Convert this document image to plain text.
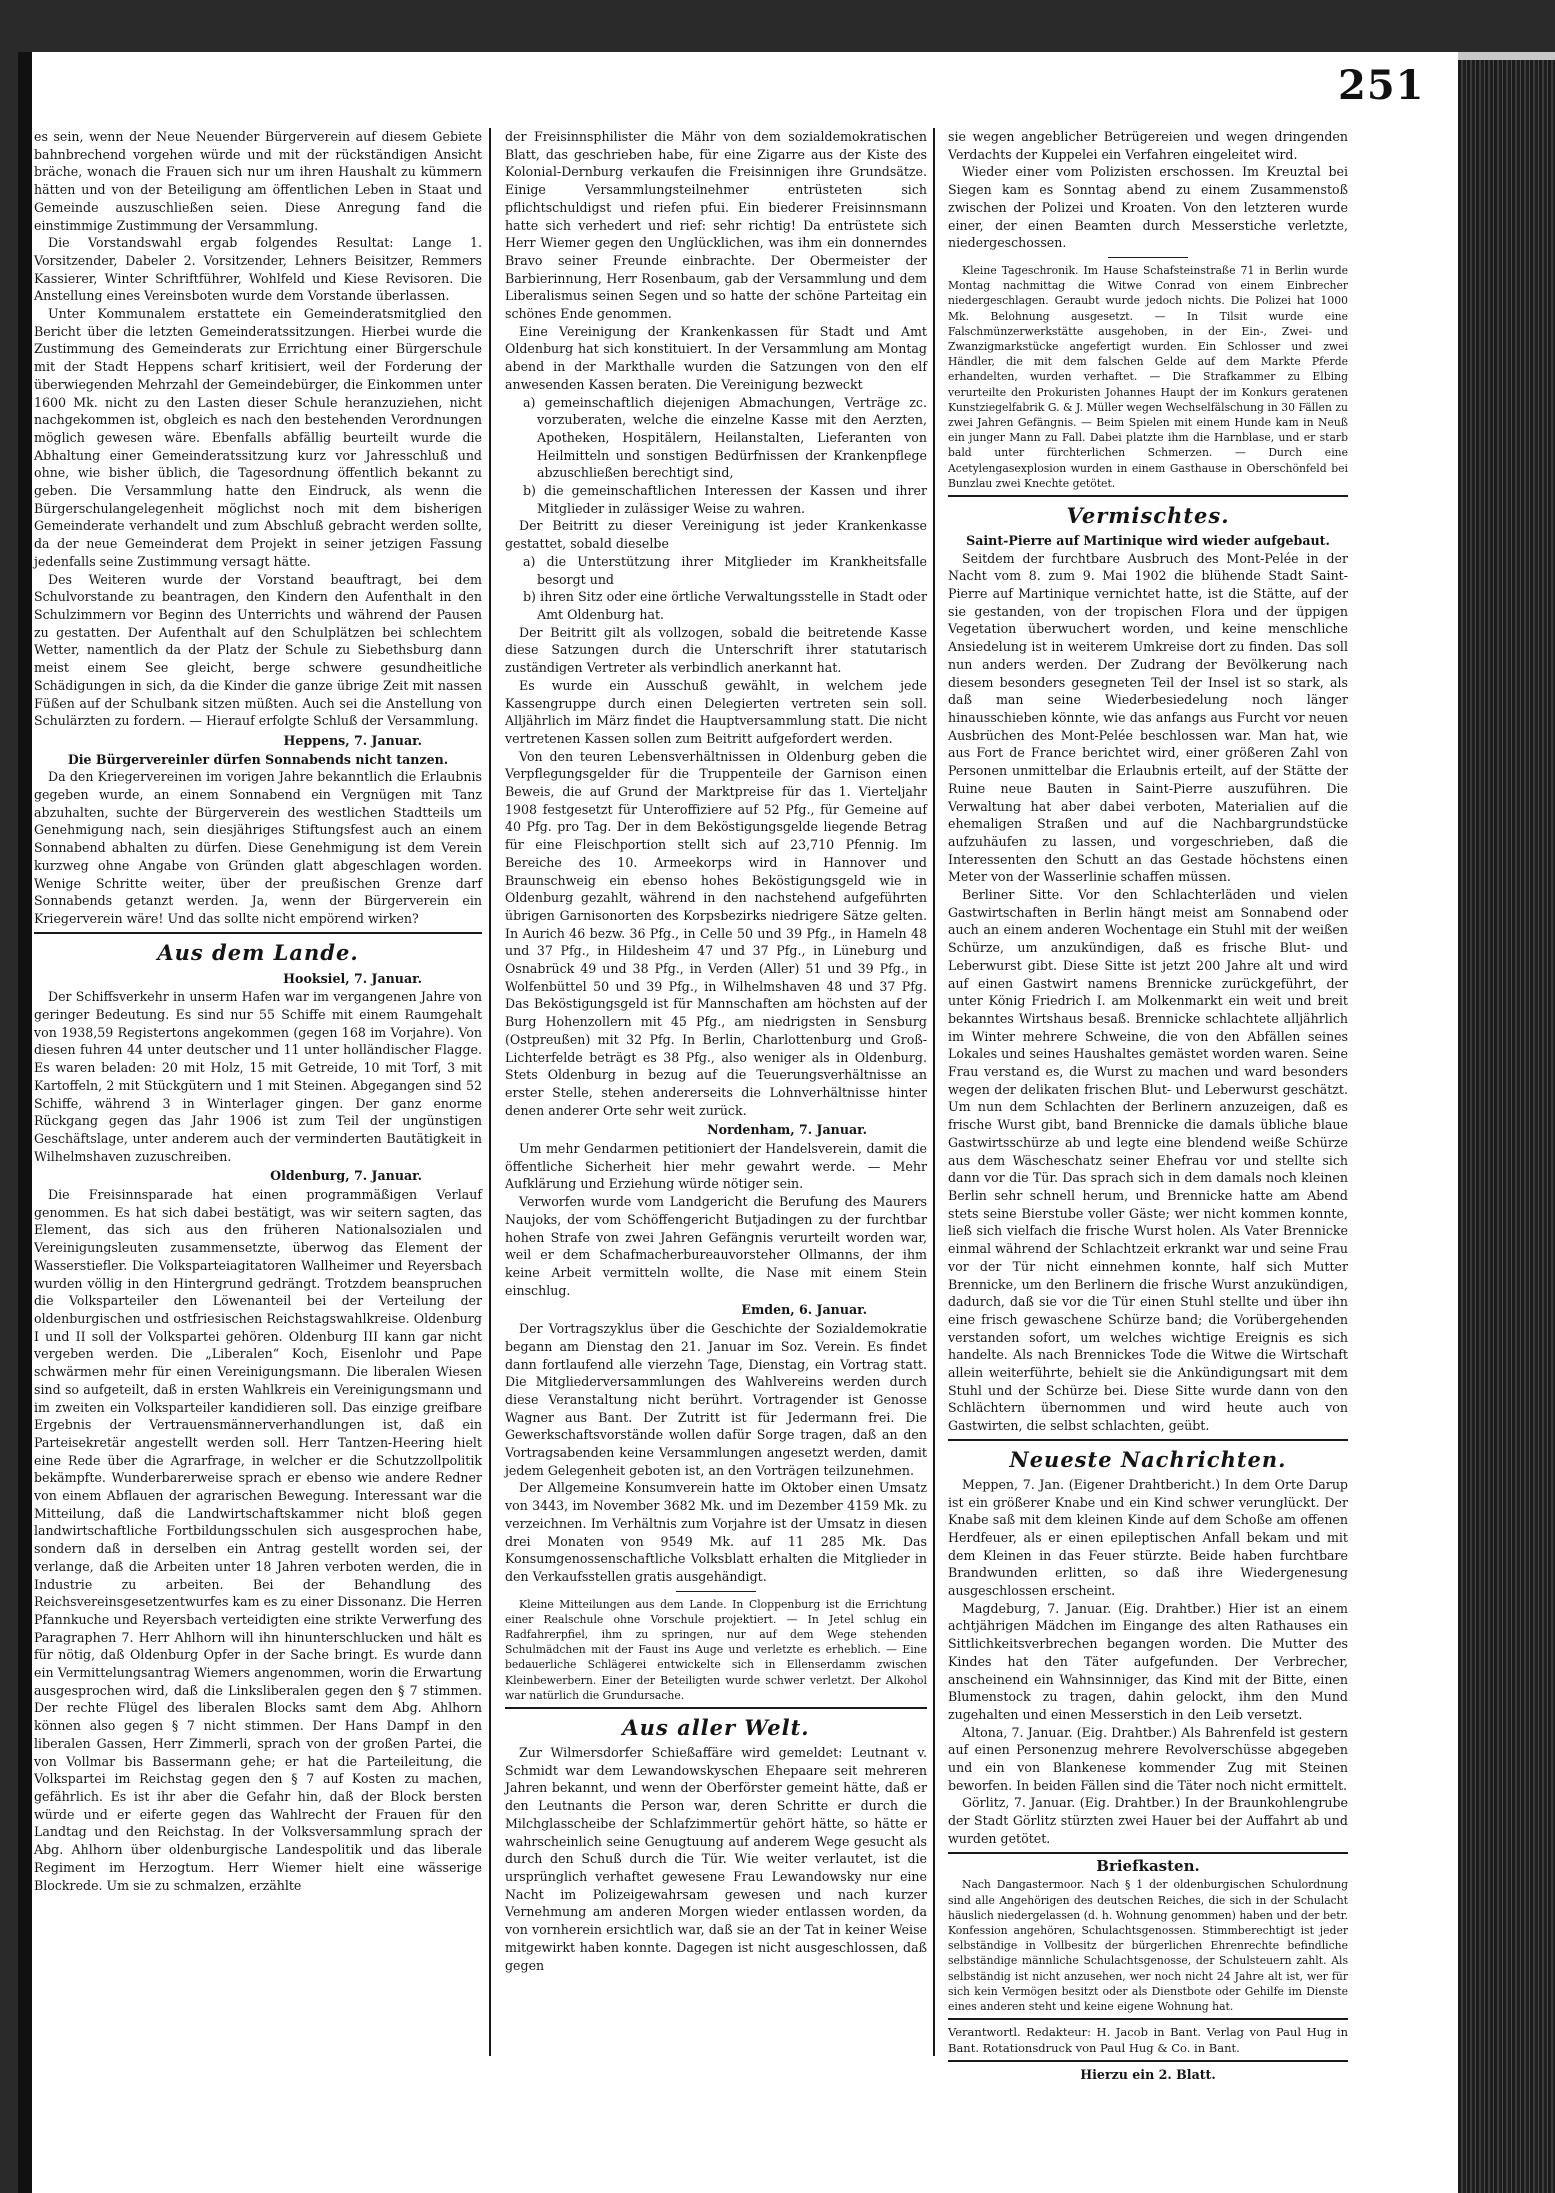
251

es sein, wenn der Neue Neuender Bürgerverein auf diesem Gebiete bahnbrechend vorgehen würde und mit der rückständigen Ansicht bräche, wonach die Frauen sich nur um ihren Haushalt zu kümmern hätten und von der Beteiligung am öffentlichen Leben in Staat und Gemeinde auszuschließen seien. Diese Anregung fand die einstimmige Zustimmung der Versammlung.

Die Vorstandswahl ergab folgendes Resultat: Lange 1. Vorsitzender, Dabeler 2. Vorsitzender, Lehners Beisitzer, Remmers Kassierer, Winter Schriftführer, Wohlfeld und Kiese Revisoren. Die Anstellung eines Vereinsboten wurde dem Vorstande überlassen.

Unter Kommunalem erstattete ein Gemeinderatsmitglied den Bericht über die letzten Gemeinderatssitzungen. Hierbei wurde die Zustimmung des Gemeinderats zur Errichtung einer Bürgerschule mit der Stadt Heppens scharf kritisiert, weil der Forderung der überwiegenden Mehrzahl der Gemeindebürger, die Einkommen unter 1600 Mk. nicht zu den Lasten dieser Schule heranzuziehen, nicht nachgekommen ist, obgleich es nach den bestehenden Verordnungen möglich gewesen wäre. Ebenfalls abfällig beurteilt wurde die Abhaltung einer Gemeinderatssitzung kurz vor Jahresschluß und ohne, wie bisher üblich, die Tagesordnung öffentlich bekannt zu geben. Die Versammlung hatte den Eindruck, als wenn die Bürgerschulangelegenheit möglichst noch mit dem bisherigen Gemeinderate verhandelt und zum Abschluß gebracht werden sollte, da der neue Gemeinderat dem Projekt in seiner jetzigen Fassung jedenfalls seine Zustimmung versagt hätte.

Des Weiteren wurde der Vorstand beauftragt, bei dem Schulvorstande zu beantragen, den Kindern den Aufenthalt in den Schulzimmern vor Beginn des Unterrichts und während der Pausen zu gestatten. Der Aufenthalt auf den Schulplätzen bei schlechtem Wetter, namentlich da der Platz der Schule zu Siebethsburg dann meist einem See gleicht, berge schwere gesundheitliche Schädigungen in sich, da die Kinder die ganze übrige Zeit mit nassen Füßen auf der Schulbank sitzen müßten. Auch sei die Anstellung von Schulärzten zu fordern. — Hierauf erfolgte Schluß der Versammlung.

Heppens, 7. Januar.
Die Bürgervereinler dürfen Sonnabends nicht tanzen.

Da den Kriegervereinen im vorigen Jahre bekanntlich die Erlaubnis gegeben wurde, an einem Sonnabend ein Vergnügen mit Tanz abzuhalten, suchte der Bürgerverein des westlichen Stadtteils um Genehmigung nach, sein diesjähriges Stiftungsfest auch an einem Sonnabend abhalten zu dürfen. Diese Genehmigung ist dem Verein kurzweg ohne Angabe von Gründen glatt abgeschlagen worden. Wenige Schritte weiter, über der preußischen Grenze darf Sonnabends getanzt werden. Ja, wenn der Bürgerverein ein Kriegerverein wäre! Und das sollte nicht empörend wirken?

Aus dem Lande.
Hooksiel, 7. Januar.

Der Schiffsverkehr in unserm Hafen war im vergangenen Jahre von geringer Bedeutung. Es sind nur 55 Schiffe mit einem Raumgehalt von 1938,59 Registertons angekommen (gegen 168 im Vorjahre). Von diesen fuhren 44 unter deutscher und 11 unter holländischer Flagge. Es waren beladen: 20 mit Holz, 15 mit Getreide, 10 mit Torf, 3 mit Kartoffeln, 2 mit Stückgütern und 1 mit Steinen. Abgegangen sind 52 Schiffe, während 3 in Winterlager gingen. Der ganz enorme Rückgang gegen das Jahr 1906 ist zum Teil der ungünstigen Geschäftslage, unter anderem auch der verminderten Bautätigkeit in Wilhelmshaven zuzuschreiben.

Oldenburg, 7. Januar.

Die Freisinnsparade hat einen programmäßigen Verlauf genommen. Es hat sich dabei bestätigt, was wir seitern sagten, das Element, das sich aus den früheren Nationalsozialen und Vereinigungsleuten zusammensetzte, überwog das Element der Wasserstiefler. Die Volksparteiagitatoren Wallheimer und Reyersbach wurden völlig in den Hintergrund gedrängt. Trotzdem beanspruchen die Volksparteiler den Löwenanteil bei der Verteilung der oldenburgischen und ostfriesischen Reichstagswahlkreise. Oldenburg I und II soll der Volkspartei gehören. Oldenburg III kann gar nicht vergeben werden. Die „Liberalen“ Koch, Eisenlohr und Pape schwärmen mehr für einen Vereinigungsmann. Die liberalen Wiesen sind so aufgeteilt, daß in ersten Wahlkreis ein Vereinigungsmann und im zweiten ein Volksparteiler kandidieren soll. Das einzige greifbare Ergebnis der Vertrauensmännerverhandlungen ist, daß ein Parteisekretär angestellt werden soll. Herr Tantzen-Heering hielt eine Rede über die Agrarfrage, in welcher er die Schutzzollpolitik bekämpfte. Wunderbarerweise sprach er ebenso wie andere Redner von einem Abflauen der agrarischen Bewegung. Interessant war die Mitteilung, daß die Landwirtschaftskammer nicht bloß gegen landwirtschaftliche Fortbildungsschulen sich ausgesprochen habe, sondern daß in derselben ein Antrag gestellt worden sei, der verlange, daß die Arbeiten unter 18 Jahren verboten werden, die in Industrie zu arbeiten. Bei der Behandlung des Reichsvereinsgesetzentwurfes kam es zu einer Dissonanz. Die Herren Pfannkuche und Reyersbach verteidigten eine strikte Verwerfung des Paragraphen 7. Herr Ahlhorn will ihn hinunterschlucken und hält es für nötig, daß Oldenburg Opfer in der Sache bringt. Es wurde dann ein Vermittelungsantrag Wiemers angenommen, worin die Erwartung ausgesprochen wird, daß die Linksliberalen gegen den § 7 stimmen. Der rechte Flügel des liberalen Blocks samt dem Abg. Ahlhorn können also gegen § 7 nicht stimmen. Der Hans Dampf in den liberalen Gassen, Herr Zimmerli, sprach von der großen Partei, die von Vollmar bis Bassermann gehe; er hat die Parteileitung, die Volkspartei im Reichstag gegen den § 7 auf Kosten zu machen, gefährlich. Es ist ihr aber die Gefahr hin, daß der Block bersten würde und er eiferte gegen das Wahlrecht der Frauen für den Landtag und den Reichstag. In der Volksversammlung sprach der Abg. Ahlhorn über oldenburgische Landespolitik und das liberale Regiment im Herzogtum. Herr Wiemer hielt eine wässerige Blockrede. Um sie zu schmalzen, erzählte

der Freisinnsphilister die Mähr von dem sozialdemokratischen Blatt, das geschrieben habe, für eine Zigarre aus der Kiste des Kolonial-Dernburg verkaufen die Freisinnigen ihre Grundsätze. Einige Versammlungsteilnehmer entrüsteten sich pflichtschuldigst und riefen pfui. Ein biederer Freisinnsmann hatte sich verhedert und rief: sehr richtig! Da entrüstete sich Herr Wiemer gegen den Unglücklichen, was ihm ein donnerndes Bravo seiner Freunde einbrachte. Der Obermeister der Barbierinnung, Herr Rosenbaum, gab der Versammlung und dem Liberalismus seinen Segen und so hatte der schöne Parteitag ein schönes Ende genommen.

Eine Vereinigung der Krankenkassen für Stadt und Amt Oldenburg hat sich konstituiert. In der Versammlung am Montag abend in der Markthalle wurden die Satzungen von den elf anwesenden Kassen beraten. Die Vereinigung bezweckt

a) gemeinschaftlich diejenigen Abmachungen, Verträge zc. vorzuberaten, welche die einzelne Kasse mit den Aerzten, Apotheken, Hospitälern, Heilanstalten, Lieferanten von Heilmitteln und sonstigen Bedürfnissen der Krankenpflege abzuschließen berechtigt sind,
b) die gemeinschaftlichen Interessen der Kassen und ihrer Mitglieder in zulässiger Weise zu wahren.

Der Beitritt zu dieser Vereinigung ist jeder Krankenkasse gestattet, sobald dieselbe

a) die Unterstützung ihrer Mitglieder im Krankheitsfalle besorgt und
b) ihren Sitz oder eine örtliche Verwaltungsstelle in Stadt oder Amt Oldenburg hat.

Der Beitritt gilt als vollzogen, sobald die beitretende Kasse diese Satzungen durch die Unterschrift ihrer statutarisch zuständigen Vertreter als verbindlich anerkannt hat.

Es wurde ein Ausschuß gewählt, in welchem jede Kassengruppe durch einen Delegierten vertreten sein soll. Alljährlich im März findet die Hauptversammlung statt. Die nicht vertretenen Kassen sollen zum Beitritt aufgefordert werden.

Von den teuren Lebensverhältnissen in Oldenburg geben die Verpflegungsgelder für die Truppenteile der Garnison einen Beweis, die auf Grund der Marktpreise für das 1. Vierteljahr 1908 festgesetzt für Unteroffiziere auf 52 Pfg., für Gemeine auf 40 Pfg. pro Tag. Der in dem Beköstigungsgelde liegende Betrag für eine Fleischportion stellt sich auf 23,710 Pfennig. Im Bereiche des 10. Armeekorps wird in Hannover und Braunschweig ein ebenso hohes Beköstigungsgeld wie in Oldenburg gezahlt, während in den nachstehend aufgeführten übrigen Garnisonorten des Korpsbezirks niedrigere Sätze gelten. In Aurich 46 bezw. 36 Pfg., in Celle 50 und 39 Pfg., in Hameln 48 und 37 Pfg., in Hildesheim 47 und 37 Pfg., in Lüneburg und Osnabrück 49 und 38 Pfg., in Verden (Aller) 51 und 39 Pfg., in Wolfenbüttel 50 und 39 Pfg., in Wilhelmshaven 48 und 37 Pfg. Das Beköstigungsgeld ist für Mannschaften am höchsten auf der Burg Hohenzollern mit 45 Pfg., am niedrigsten in Sensburg (Ostpreußen) mit 32 Pfg. In Berlin, Charlottenburg und Groß-Lichterfelde beträgt es 38 Pfg., also weniger als in Oldenburg. Stets Oldenburg in bezug auf die Teuerungsverhältnisse an erster Stelle, stehen andererseits die Lohnverhältnisse hinter denen anderer Orte sehr weit zurück.

Nordenham, 7. Januar.

Um mehr Gendarmen petitioniert der Handelsverein, damit die öffentliche Sicherheit hier mehr gewahrt werde. — Mehr Aufklärung und Erziehung würde nötiger sein.

Verworfen wurde vom Landgericht die Berufung des Maurers Naujoks, der vom Schöffengericht Butjadingen zu der furchtbar hohen Strafe von zwei Jahren Gefängnis verurteilt worden war, weil er dem Schafmacherbureauvorsteher Ollmanns, der ihm keine Arbeit vermitteln wollte, die Nase mit einem Stein einschlug.

Emden, 6. Januar.

Der Vortragszyklus über die Geschichte der Sozialdemokratie begann am Dienstag den 21. Januar im Soz. Verein. Es findet dann fortlaufend alle vierzehn Tage, Dienstag, ein Vortrag statt. Die Mitgliederversammlungen des Wahlvereins werden durch diese Veranstaltung nicht berührt. Vortragender ist Genosse Wagner aus Bant. Der Zutritt ist für Jedermann frei. Die Gewerkschaftsvorstände wollen dafür Sorge tragen, daß an den Vortragsabenden keine Versammlungen angesetzt werden, damit jedem Gelegenheit geboten ist, an den Vorträgen teilzunehmen.

Der Allgemeine Konsumverein hatte im Oktober einen Umsatz von 3443, im November 3682 Mk. und im Dezember 4159 Mk. zu verzeichnen. Im Verhältnis zum Vorjahre ist der Umsatz in diesen drei Monaten von 9549 Mk. auf 11 285 Mk. Das Konsumgenossenschaftliche Volksblatt erhalten die Mitglieder in den Verkaufsstellen gratis ausgehändigt.

Kleine Mitteilungen aus dem Lande. In Cloppenburg ist die Errichtung einer Realschule ohne Vorschule projektiert. — In Jetel schlug ein Radfahrerpfiel, ihm zu springen, nur auf dem Wege stehenden Schulmädchen mit der Faust ins Auge und verletzte es erheblich. — Eine bedauerliche Schlägerei entwickelte sich in Ellenserdamm zwischen Kleinbewerbern. Einer der Beteiligten wurde schwer verletzt. Der Alkohol war natürlich die Grundursache.

Aus aller Welt.

Zur Wilmersdorfer Schießaffäre wird gemeldet: Leutnant v. Schmidt war dem Lewandowskyschen Ehepaare seit mehreren Jahren bekannt, und wenn der Oberförster gemeint hätte, daß er den Leutnants die Person war, deren Schritte er durch die Milchglasscheibe der Schlafzimmertür gehört hätte, so hätte er wahrscheinlich seine Genugtuung auf anderem Wege gesucht als durch den Schuß durch die Tür. Wie weiter verlautet, ist die ursprünglich verhaftet gewesene Frau Lewandowsky nur eine Nacht im Polizeigewahrsam gewesen und nach kurzer Vernehmung am anderen Morgen wieder entlassen worden, da von vornherein ersichtlich war, daß sie an der Tat in keiner Weise mitgewirkt haben konnte. Dagegen ist nicht ausgeschlossen, daß gegen

sie wegen angeblicher Betrügereien und wegen dringenden Verdachts der Kuppelei ein Verfahren eingeleitet wird.

Wieder einer vom Polizisten erschossen. Im Kreuztal bei Siegen kam es Sonntag abend zu einem Zusammenstoß zwischen der Polizei und Kroaten. Von den letzteren wurde einer, der einen Beamten durch Messerstiche verletzte, niedergeschossen.

Kleine Tageschronik. Im Hause Schafsteinstraße 71 in Berlin wurde Montag nachmittag die Witwe Conrad von einem Einbrecher niedergeschlagen. Geraubt wurde jedoch nichts. Die Polizei hat 1000 Mk. Belohnung ausgesetzt. — In Tilsit wurde eine Falschmünzerwerkstätte ausgehoben, in der Ein-, Zwei- und Zwanzigmarkstücke angefertigt wurden. Ein Schlosser und zwei Händler, die mit dem falschen Gelde auf dem Markte Pferde erhandelten, wurden verhaftet. — Die Strafkammer zu Elbing verurteilte den Prokuristen Johannes Haupt der im Konkurs geratenen Kunstziegelfabrik G. & J. Müller wegen Wechselfälschung in 30 Fällen zu zwei Jahren Gefängnis. — Beim Spielen mit einem Hunde kam in Neuß ein junger Mann zu Fall. Dabei platzte ihm die Harnblase, und er starb bald unter fürchterlichen Schmerzen. — Durch eine Acetylengasexplosion wurden in einem Gasthause in Oberschönfeld bei Bunzlau zwei Knechte getötet.

Vermischtes.
Saint-Pierre auf Martinique wird wieder aufgebaut.

Seitdem der furchtbare Ausbruch des Mont-Pelée in der Nacht vom 8. zum 9. Mai 1902 die blühende Stadt Saint-Pierre auf Martinique vernichtet hatte, ist die Stätte, auf der sie gestanden, von der tropischen Flora und der üppigen Vegetation überwuchert worden, und keine menschliche Ansiedelung ist in weiterem Umkreise dort zu finden. Das soll nun anders werden. Der Zudrang der Bevölkerung nach diesem besonders gesegneten Teil der Insel ist so stark, als daß man seine Wiederbesiedelung noch länger hinausschieben könnte, wie das anfangs aus Furcht vor neuen Ausbrüchen des Mont-Pelée beschlossen war. Man hat, wie aus Fort de France berichtet wird, einer größeren Zahl von Personen unmittelbar die Erlaubnis erteilt, auf der Stätte der Ruine neue Bauten in Saint-Pierre auszuführen. Die Verwaltung hat aber dabei verboten, Materialien auf die ehemaligen Straßen und auf die Nachbargrundstücke aufzuhäufen zu lassen, und vorgeschrieben, daß die Interessenten den Schutt an das Gestade höchstens einen Meter von der Wasserlinie schaffen müssen.

Berliner Sitte. Vor den Schlachterläden und vielen Gastwirtschaften in Berlin hängt meist am Sonnabend oder auch an einem anderen Wochentage ein Stuhl mit der weißen Schürze, um anzukündigen, daß es frische Blut- und Leberwurst gibt. Diese Sitte ist jetzt 200 Jahre alt und wird auf einen Gastwirt namens Brennicke zurückgeführt, der unter König Friedrich I. am Molkenmarkt ein weit und breit bekanntes Wirtshaus besaß. Brennicke schlachtete alljährlich im Winter mehrere Schweine, die von den Abfällen seines Lokales und seines Haushaltes gemästet worden waren. Seine Frau verstand es, die Wurst zu machen und ward besonders wegen der delikaten frischen Blut- und Leberwurst geschätzt. Um nun dem Schlachten der Berlinern anzuzeigen, daß es frische Wurst gibt, band Brennicke die damals übliche blaue Gastwirtsschürze ab und legte eine blendend weiße Schürze aus dem Wäscheschatz seiner Ehefrau vor und stellte sich dann vor die Tür. Das sprach sich in dem damals noch kleinen Berlin sehr schnell herum, und Brennicke hatte am Abend stets seine Bierstube voller Gäste; wer nicht kommen konnte, ließ sich vielfach die frische Wurst holen. Als Vater Brennicke einmal während der Schlachtzeit erkrankt war und seine Frau vor der Tür nicht einnehmen konnte, half sich Mutter Brennicke, um den Berlinern die frische Wurst anzukündigen, dadurch, daß sie vor die Tür einen Stuhl stellte und über ihn eine frisch gewaschene Schürze band; die Vorübergehenden verstanden sofort, um welches wichtige Ereignis es sich handelte. Als nach Brennickes Tode die Witwe die Wirtschaft allein weiterführte, behielt sie die Ankündigungsart mit dem Stuhl und der Schürze bei. Diese Sitte wurde dann von den Schlächtern übernommen und wird heute auch von Gastwirten, die selbst schlachten, geübt.

Neueste Nachrichten.

Meppen, 7. Jan. (Eigener Drahtbericht.) In dem Orte Darup ist ein größerer Knabe und ein Kind schwer verunglückt. Der Knabe saß mit dem kleinen Kinde auf dem Schoße am offenen Herdfeuer, als er einen epileptischen Anfall bekam und mit dem Kleinen in das Feuer stürzte. Beide haben furchtbare Brandwunden erlitten, so daß ihre Wiedergenesung ausgeschlossen erscheint.

Magdeburg, 7. Januar. (Eig. Drahtber.) Hier ist an einem achtjährigen Mädchen im Eingange des alten Rathauses ein Sittlichkeitsverbrechen begangen worden. Die Mutter des Kindes hat den Täter aufgefunden. Der Verbrecher, anscheinend ein Wahnsinniger, das Kind mit der Bitte, einen Blumenstock zu tragen, dahin gelockt, ihm den Mund zugehalten und einen Messerstich in den Leib versetzt.

Altona, 7. Januar. (Eig. Drahtber.) Als Bahrenfeld ist gestern auf einen Personenzug mehrere Revolverschüsse abgegeben und ein von Blankenese kommender Zug mit Steinen beworfen. In beiden Fällen sind die Täter noch nicht ermittelt.

Görlitz, 7. Januar. (Eig. Drahtber.) In der Braunkohlengrube der Stadt Görlitz stürzten zwei Hauer bei der Auffahrt ab und wurden getötet.

Briefkasten.

Nach Dangastermoor. Nach § 1 der oldenburgischen Schulordnung sind alle Angehörigen des deutschen Reiches, die sich in der Schulacht häuslich niedergelassen (d. h. Wohnung genommen) haben und der betr. Konfession angehören, Schulachtsgenossen. Stimmberechtigt ist jeder selbständige in Vollbesitz der bürgerlichen Ehrenrechte befindliche selbständige männliche Schulachtsgenosse, der Schulsteuern zahlt. Als selbständig ist nicht anzusehen, wer noch nicht 24 Jahre alt ist, wer für sich kein Vermögen besitzt oder als Dienstbote oder Gehilfe im Dienste eines anderen steht und keine eigene Wohnung hat.

Verantwortl. Redakteur: H. Jacob in Bant. Verlag von Paul Hug in Bant. Rotationsdruck von Paul Hug & Co. in Bant.

Hierzu ein 2. Blatt.
